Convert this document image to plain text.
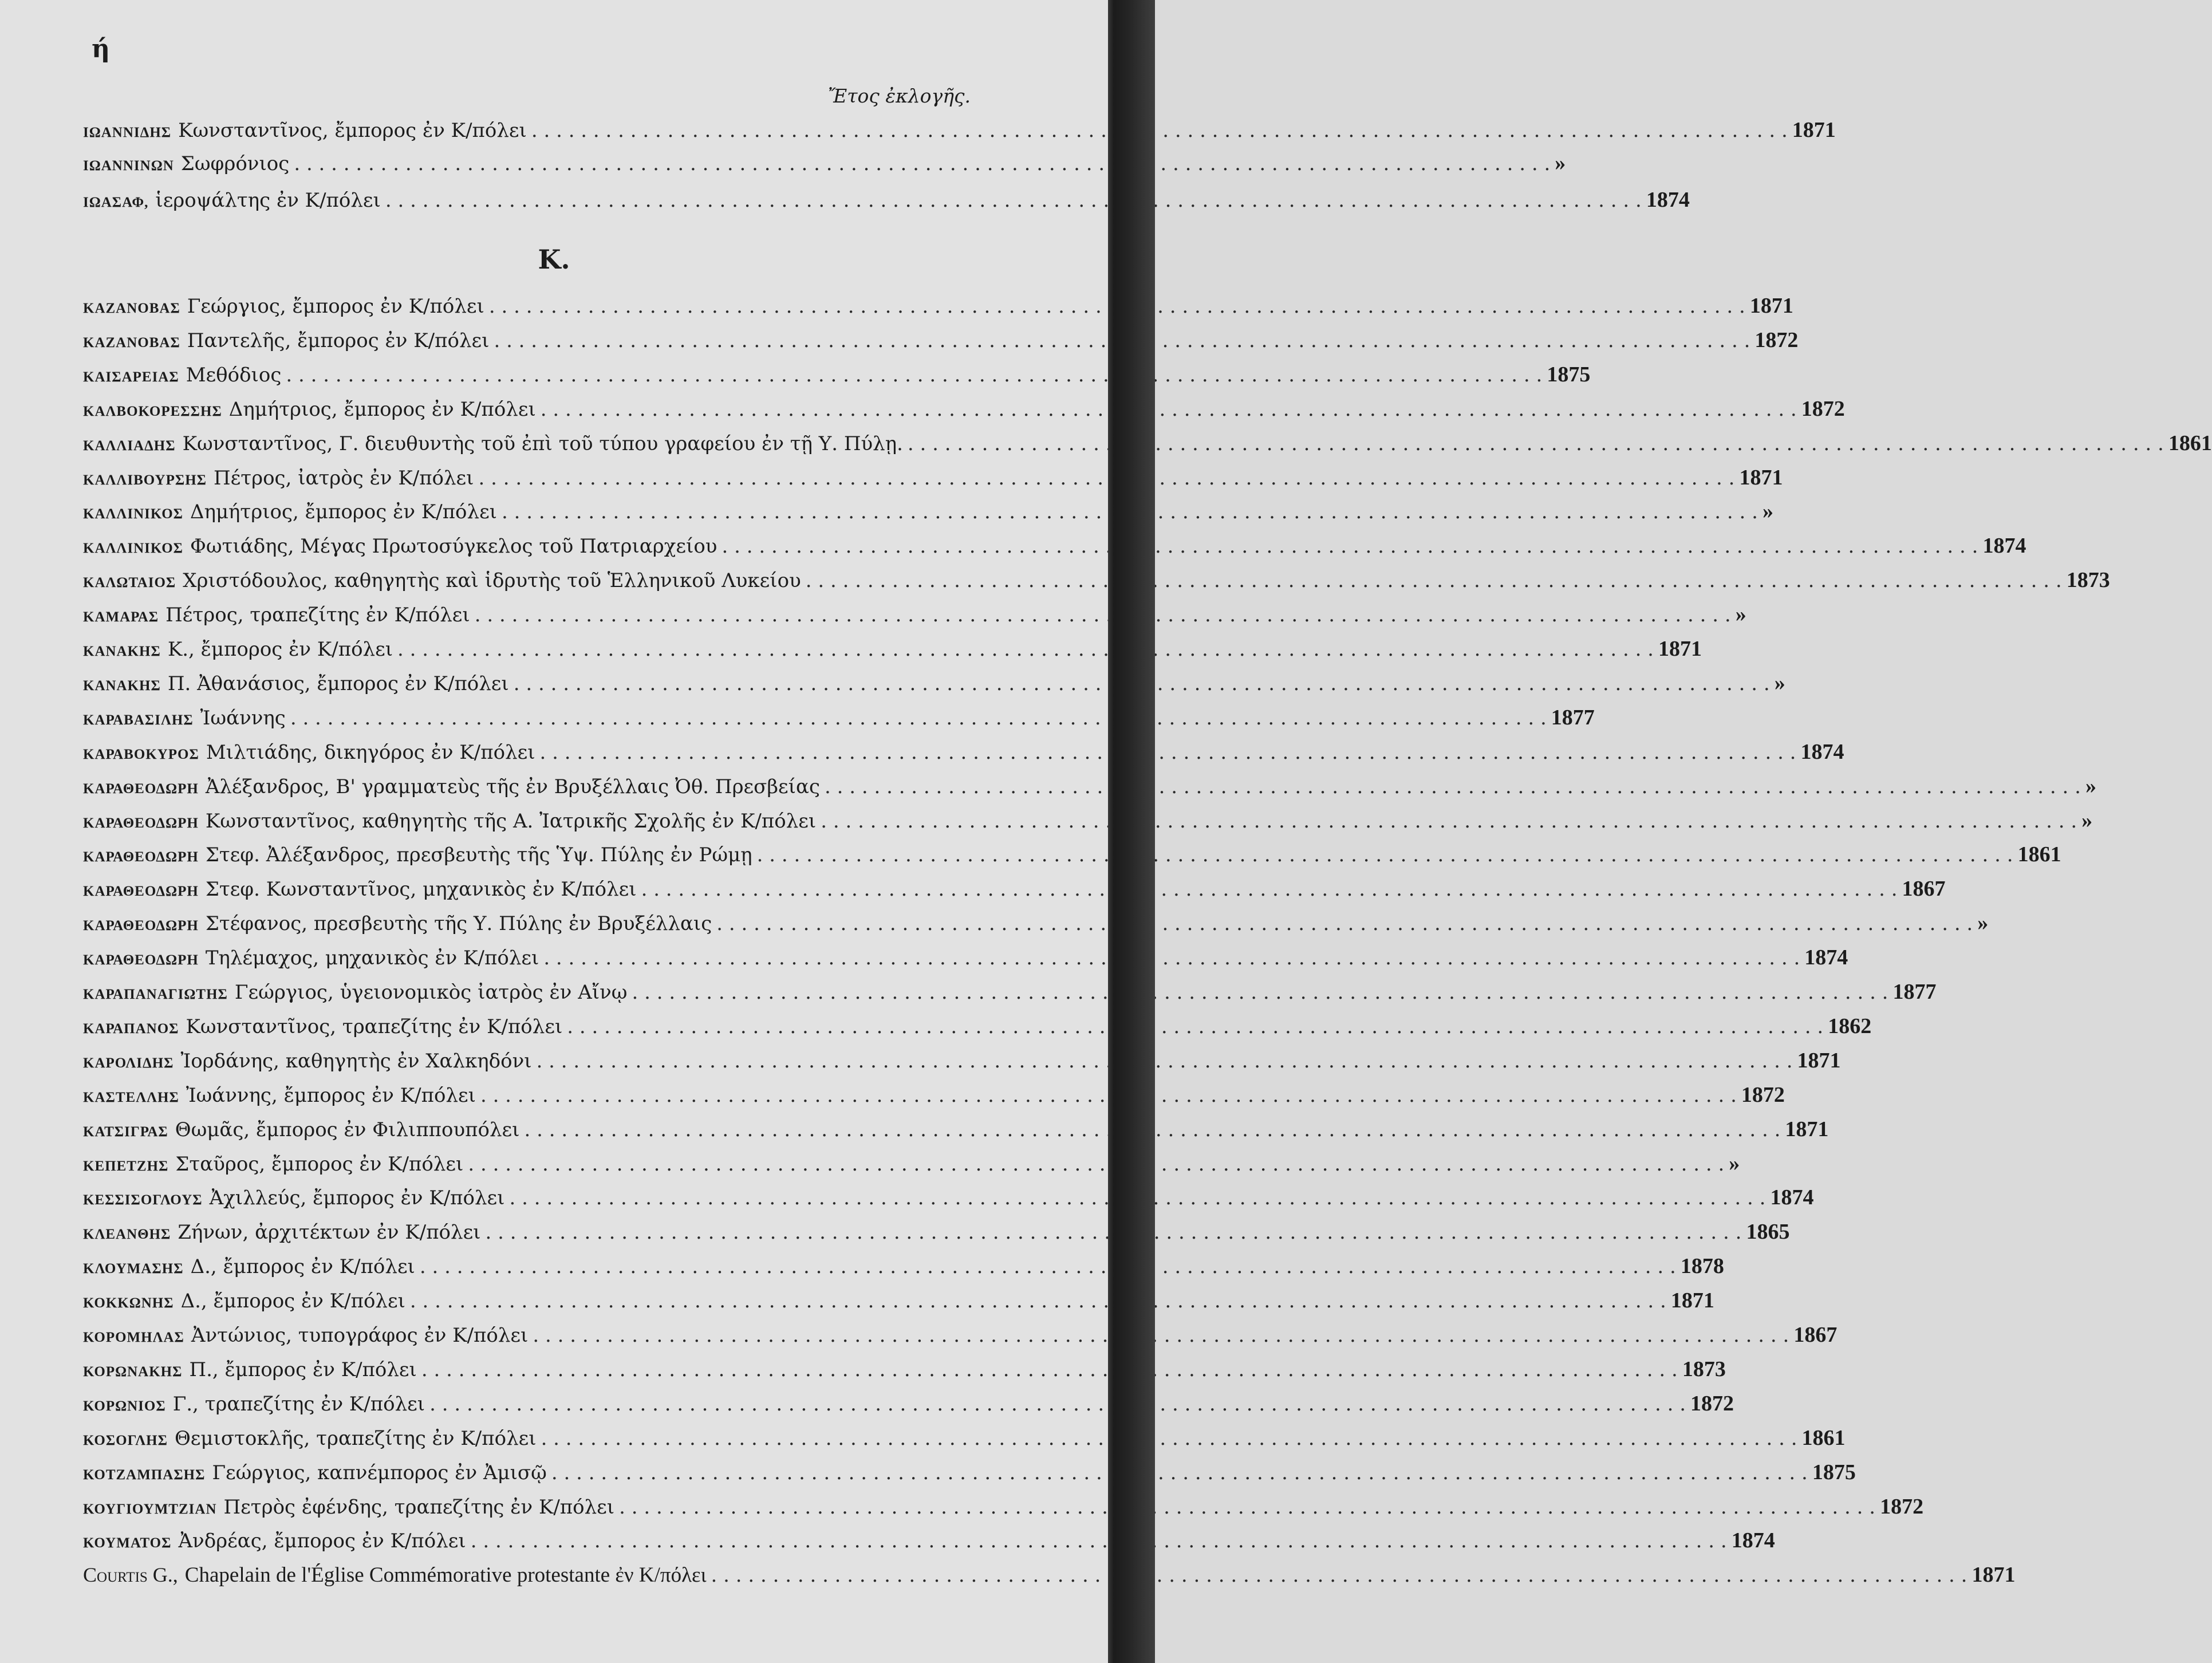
ή
Ἔτος ἐκλογῆς.
Κ.
ΙΩΑΝΝΙΔΗΣ Κωνσταντῖνος, ἔμπορος ἐν Κ/πόλει . . .	1871
ΙΩΑΝΝΙΝΩΝ Σωφρόνιος . . .	»
ΙΩΑΣΑΦ, ἱεροψάλτης ἐν Κ/πόλει . . .	1874
ΚΑΖΑΝΟΒΑΣ Γεώργιος, ἔμπορος ἐν Κ/πόλει . . .	1871
ΚΑΖΑΝΟΒΑΣ Παντελῆς, ἔμπορος ἐν Κ/πόλει . . .	1872
ΚΑΙΣΑΡΕΙΑΣ Μεθόδιος . . .	1875
ΚΑΛΒΟΚΟΡΕΣΣΗΣ Δημήτριος, ἔμπορος ἐν Κ/πόλει . . .	1872
ΚΑΛΛΙΑΔΗΣ Κωνσταντῖνος, Γ. διευθυντὴς τοῦ ἐπὶ τοῦ τύπου γραφείου ἐν τῇ Υ. Πύλῃ. . . .	1861
ΚΑΛΛΙΒΟΥΡΣΗΣ Πέτρος, ἰατρὸς ἐν Κ/πόλει . . .	1871
ΚΑΛΛΙΝΙΚΟΣ Δημήτριος, ἔμπορος ἐν Κ/πόλει . . .	»
ΚΑΛΛΙΝΙΚΟΣ Φωτιάδης, Μέγας Πρωτοσύγκελος τοῦ Πατριαρχείου . . .	1874
ΚΑΛΩΤΑΙΟΣ Χριστόδουλος, καθηγητὴς καὶ ἱδρυτὴς τοῦ Ἑλληνικοῦ Λυκείου . . .	1873
ΚΑΜΑΡΑΣ Πέτρος, τραπεζίτης ἐν Κ/πόλει . . .	»
ΚΑΝΑΚΗΣ Κ., ἔμπορος ἐν Κ/πόλει . . .	1871
ΚΑΝΑΚΗΣ Π. Ἀθανάσιος, ἔμπορος ἐν Κ/πόλει . . .	»
ΚΑΡΑΒΑΣΙΛΗΣ Ἰωάννης . . .	1877
ΚΑΡΑΒΟΚΥΡΟΣ Μιλτιάδης, δικηγόρος ἐν Κ/πόλει . . .	1874
ΚΑΡΑΘΕΟΔΩΡΗ Ἀλέξανδρος, Β' γραμματεὺς τῆς ἐν Βρυξέλλαις Ὀθ. Πρεσβείας . . .	»
ΚΑΡΑΘΕΟΔΩΡΗ Κωνσταντῖνος, καθηγητὴς τῆς Α. Ἰατρικῆς Σχολῆς ἐν Κ/πόλει . . .	»
ΚΑΡΑΘΕΟΔΩΡΗ Στεφ. Ἀλέξανδρος, πρεσβευτὴς τῆς Ὑψ. Πύλης ἐν Ρώμῃ . . .	1861
ΚΑΡΑΘΕΟΔΩΡΗ Στεφ. Κωνσταντῖνος, μηχανικὸς ἐν Κ/πόλει . . .	1867
ΚΑΡΑΘΕΟΔΩΡΗ Στέφανος, πρεσβευτὴς τῆς Υ. Πύλης ἐν Βρυξέλλαις . . .	»
ΚΑΡΑΘΕΟΔΩΡΗ Τηλέμαχος, μηχανικὸς ἐν Κ/πόλει . . .	1874
ΚΑΡΑΠΑΝΑΓΙΩΤΗΣ Γεώργιος, ὑγειονομικὸς ἰατρὸς ἐν Αἴνῳ . . .	1877
ΚΑΡΑΠΑΝΟΣ Κωνσταντῖνος, τραπεζίτης ἐν Κ/πόλει . . .	1862
ΚΑΡΟΛΙΔΗΣ Ἰορδάνης, καθηγητὴς ἐν Χαλκηδόνι . . .	1871
ΚΑΣΤΕΛΛΗΣ Ἰωάννης, ἔμπορος ἐν Κ/πόλει . . .	1872
ΚΑΤΣΙΓΡΑΣ Θωμᾶς, ἔμπορος ἐν Φιλιππουπόλει . . .	1871
ΚΕΠΕΤΖΗΣ Σταῦρος, ἔμπορος ἐν Κ/πόλει . . .	»
ΚΕΣΣΙΣΟΓΛΟΥΣ Ἀχιλλεύς, ἔμπορος ἐν Κ/πόλει . . .	1874
ΚΛΕΑΝΘΗΣ Ζήνων, ἀρχιτέκτων ἐν Κ/πόλει . . .	1865
ΚΛΟΥΜΑΣΗΣ Δ., ἔμπορος ἐν Κ/πόλει . . .	1878
ΚΟΚΚΩΝΗΣ Δ., ἔμπορος ἐν Κ/πόλει . . .	1871
ΚΟΡΟΜΗΛΑΣ Ἀντώνιος, τυπογράφος ἐν Κ/πόλει . . .	1867
ΚΟΡΩΝΑΚΗΣ Π., ἔμπορος ἐν Κ/πόλει . . .	1873
ΚΟΡΩΝΙΟΣ Γ., τραπεζίτης ἐν Κ/πόλει . . .	1872
ΚΟΣΟΓΛΗΣ Θεμιστοκλῆς, τραπεζίτης ἐν Κ/πόλει . . .	1861
ΚΟΤΖΑΜΠΑΣΗΣ Γεώργιος, καπνέμπορος ἐν Ἀμισῷ . . .	1875
ΚΟΥΓΙΟΥΜΤΖΙΑΝ Πετρὸς ἐφένδης, τραπεζίτης ἐν Κ/πόλει . . .	1872
ΚΟΥΜΑΤΟΣ Ἀνδρέας, ἔμπορος ἐν Κ/πόλει . . .	1874
Courtis G., Chapelain de l'Église Commémorative protestante ἐν Κ/πόλει . . .	1871
